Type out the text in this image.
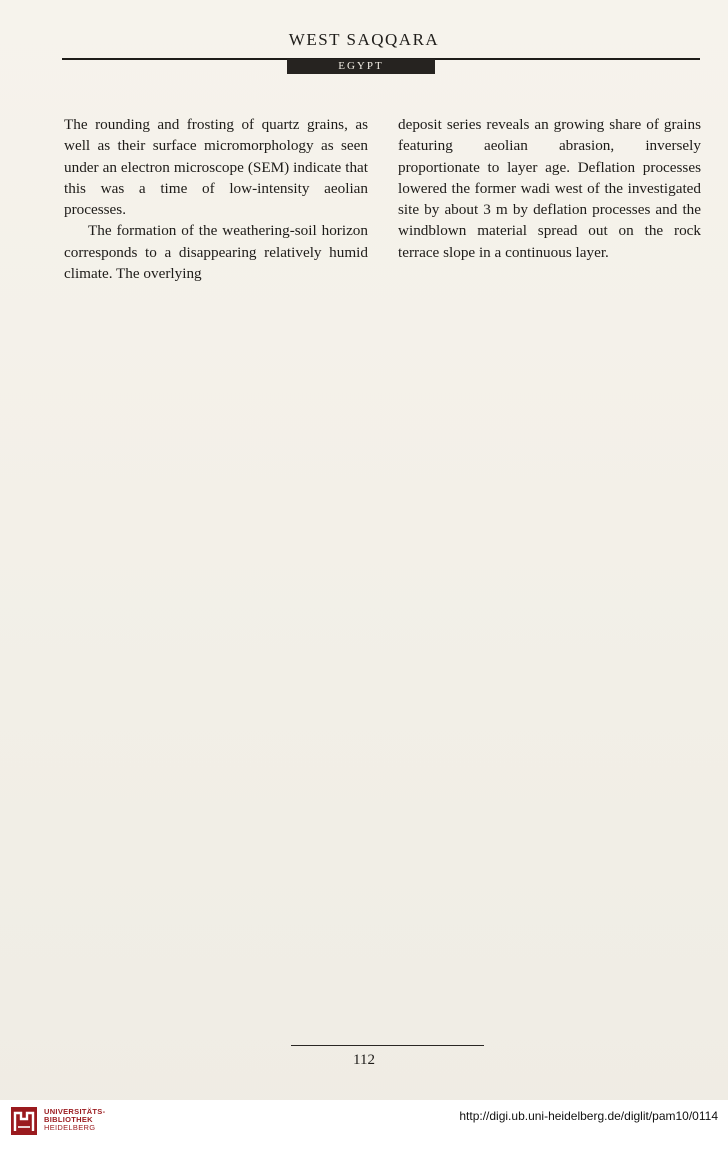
WEST SAQQARA
EGYPT

The rounding and frosting of quartz grains, as well as their surface micromorphology as seen under an electron microscope (SEM) indicate that this was a time of low-intensity aeolian processes.

The formation of the weathering-soil horizon corresponds to a disappearing relatively humid climate. The overlying

deposit series reveals an growing share of grains featuring aeolian abrasion, inversely proportionate to layer age. Deflation processes lowered the former wadi west of the investigated site by about 3 m by deflation processes and the windblown material spread out on the rock terrace slope in a continuous layer.

112
UNIVERSITÄTS-
BIBLIOTHEK
HEIDELBERG
http://digi.ub.uni-heidelberg.de/diglit/pam10/0114
